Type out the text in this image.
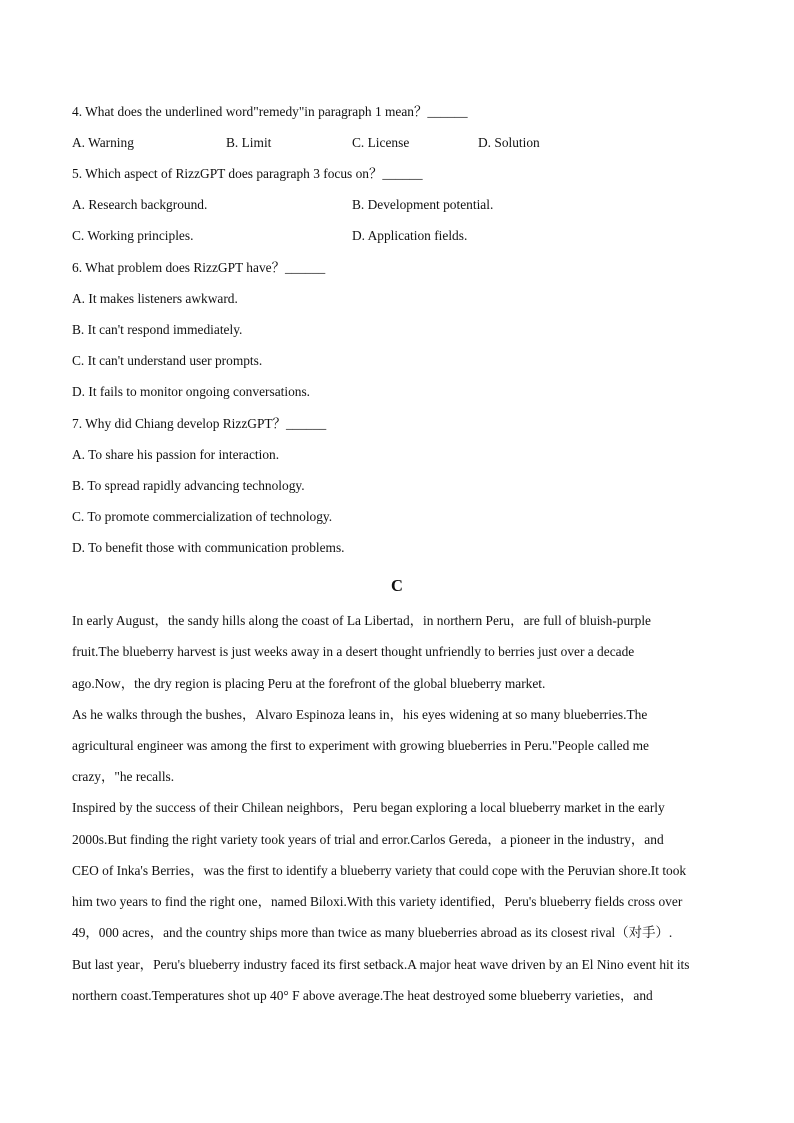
4. What does the underlined word"remedy"in paragraph 1 mean？______
A. Warning	B. Limit	C. License	D. Solution
5. Which aspect of RizzGPT does paragraph 3 focus on？______
A. Research background.	B. Development potential.
C. Working principles.	D. Application fields.
6. What problem does RizzGPT have？______
A. It makes listeners awkward.
B. It can't respond immediately.
C. It can't understand user prompts.
D. It fails to monitor ongoing conversations.
7. Why did Chiang develop RizzGPT？______
A. To share his passion for interaction.
B. To spread rapidly advancing technology.
C. To promote commercialization of technology.
D. To benefit those with communication problems.
C
In early August，the sandy hills along the coast of La Libertad，in northern Peru，are full of bluish-purple
fruit.The blueberry harvest is just weeks away in a desert thought unfriendly to berries just over a decade
ago.Now，the dry region is placing Peru at the forefront of the global blueberry market.
As he walks through the bushes，Alvaro Espinoza leans in，his eyes widening at so many blueberries.The
agricultural engineer was among the first to experiment with growing blueberries in Peru."People called me
crazy，"he recalls.
Inspired by the success of their Chilean neighbors，Peru began exploring a local blueberry market in the early
2000s.But finding the right variety took years of trial and error.Carlos Gereda，a pioneer in the industry，and
CEO of Inka's Berries，was the first to identify a blueberry variety that could cope with the Peruvian shore.It took
him two years to find the right one，named Biloxi.With this variety identified，Peru's blueberry fields cross over
49，000 acres，and the country ships more than twice as many blueberries abroad as its closest rival（对手）.
But last year，Peru's blueberry industry faced its first setback.A major heat wave driven by an El Nino event hit its
northern coast.Temperatures shot up 40° F above average.The heat destroyed some blueberry varieties，and
